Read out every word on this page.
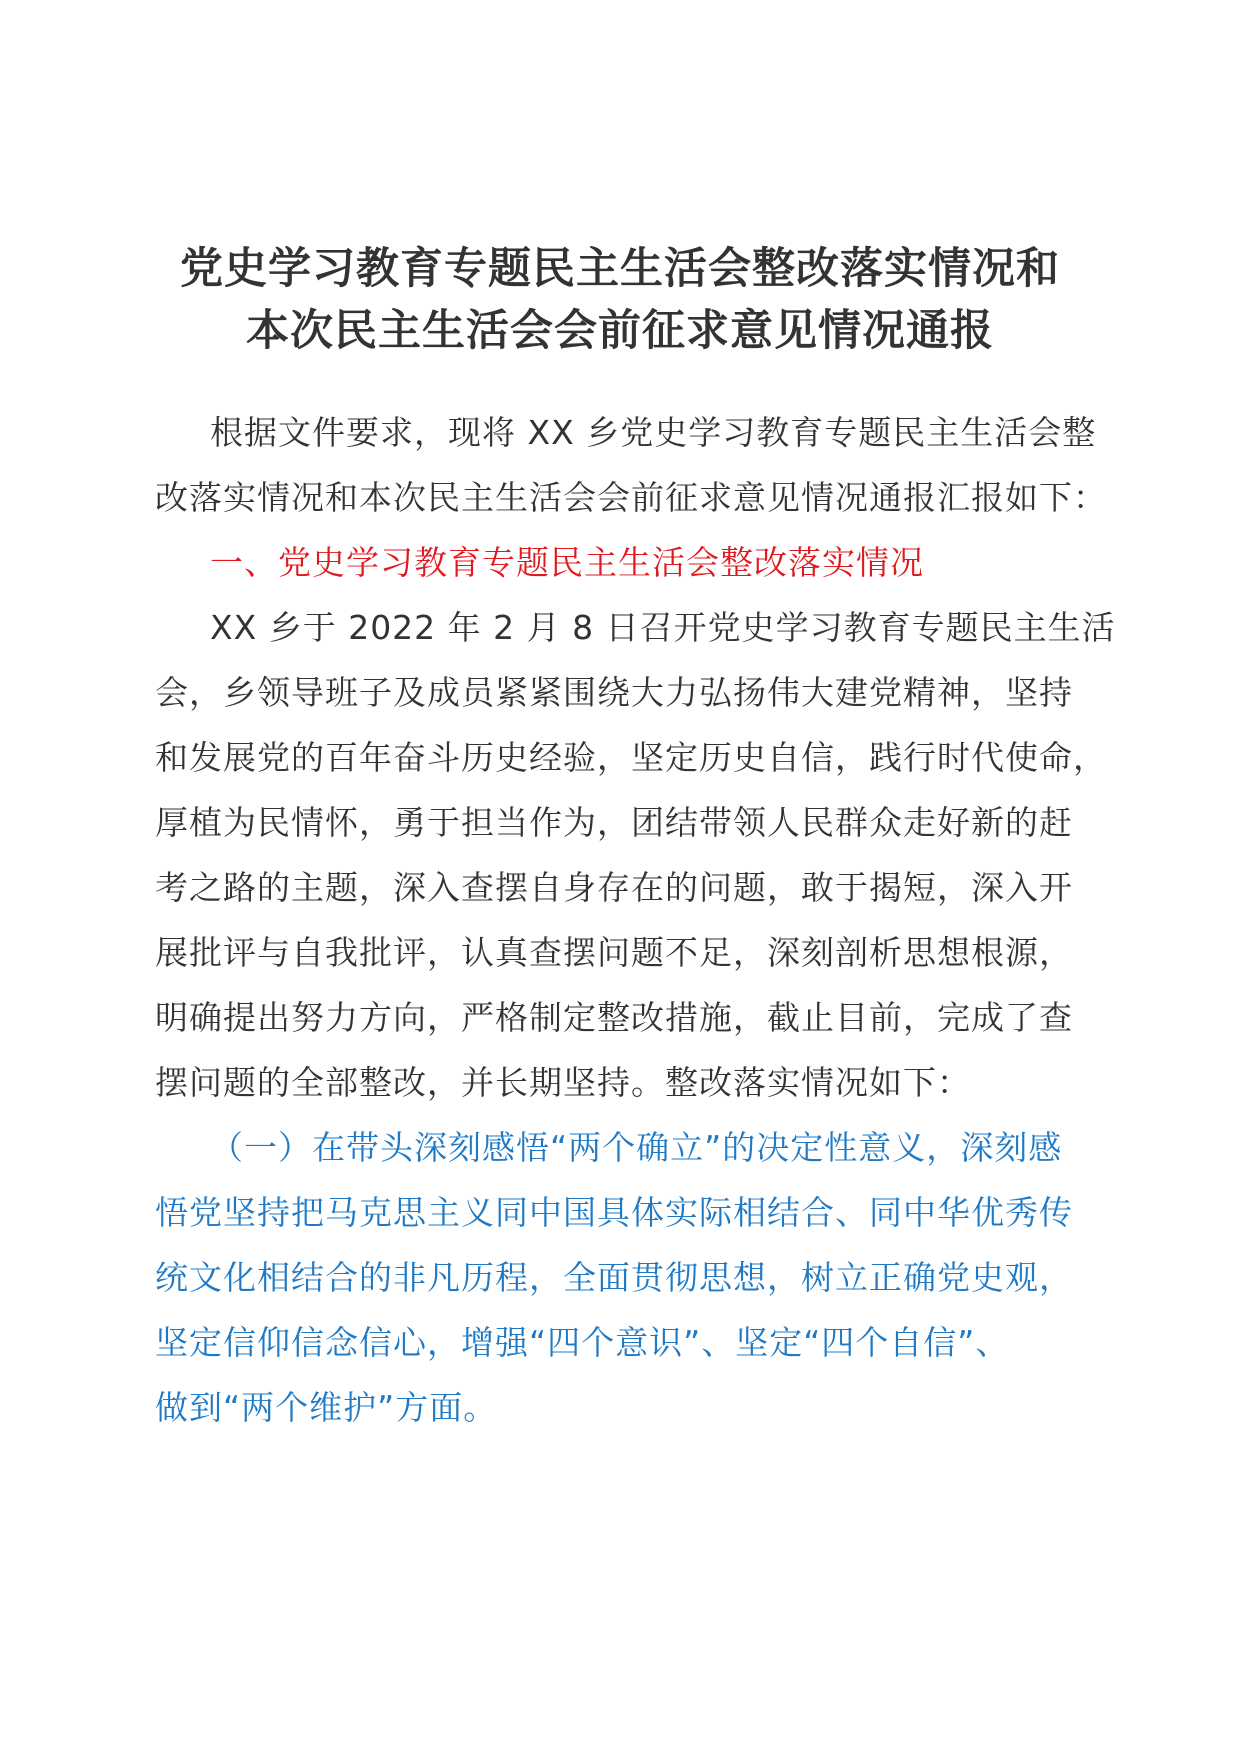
党史学习教育专题民主生活会整改落实情况和
本次民主生活会会前征求意见情况通报
根据文件要求，现将 XX 乡党史学习教育专题民主生活会整
改落实情况和本次民主生活会会前征求意见情况通报汇报如下：
一、党史学习教育专题民主生活会整改落实情况
XX 乡于 2022 年 2 月 8 日召开党史学习教育专题民主生活
会，乡领导班子及成员紧紧围绕大力弘扬伟大建党精神，坚持
和发展党的百年奋斗历史经验，坚定历史自信，践行时代使命，
厚植为民情怀，勇于担当作为，团结带领人民群众走好新的赶
考之路的主题，深入查摆自身存在的问题，敢于揭短，深入开
展批评与自我批评，认真查摆问题不足，深刻剖析思想根源，
明确提出努力方向，严格制定整改措施，截止目前，完成了查
摆问题的全部整改，并长期坚持。整改落实情况如下：
（一）在带头深刻感悟“两个确立”的决定性意义，深刻感
悟党坚持把马克思主义同中国具体实际相结合、同中华优秀传
统文化相结合的非凡历程，全面贯彻思想，树立正确党史观，
坚定信仰信念信心，增强“四个意识”、坚定“四个自信”、
做到“两个维护”方面。
